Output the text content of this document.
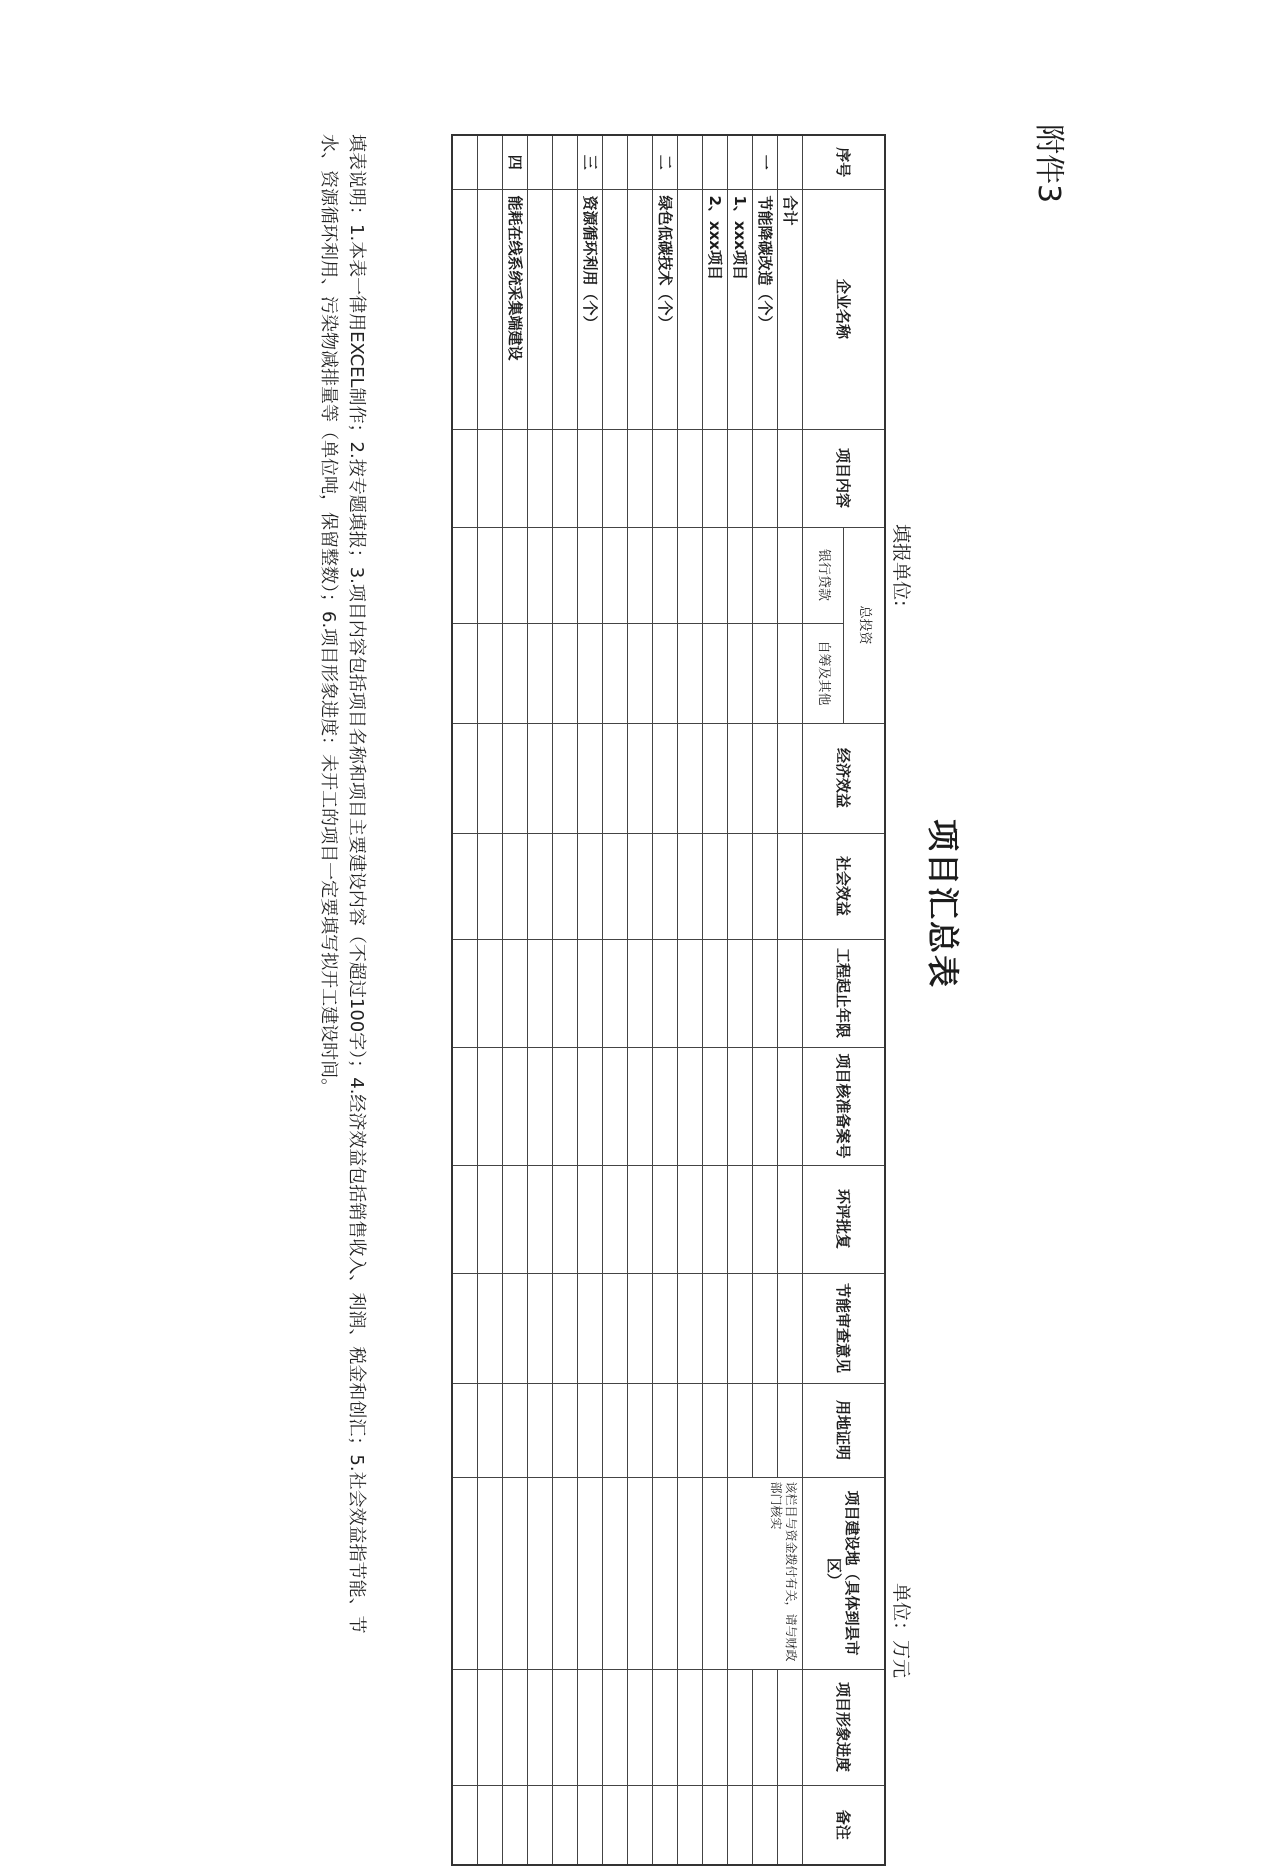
附件3
项目汇总表
填报单位:
单位：万元
序号	企业名称	项目内容	总投资		经济效益	社会效益	工程起止年限	项目核准备案号	环评批复	节能审查意见	用地证明	项目建设地（具体到县市区）	项目形象进度	备注
			银行贷款	自筹及其他										
	合计											该栏目与资金拨付有关，请与财政部门核实		
一	节能降碳改造（个）													
	1、xxx项目													
	2、xxx项目													

二	绿色低碳技术（个）													

三	资源循环利用（个）													

四	能耗在线系统采集端建设													

填表说明：1.本表一律用EXCEL制作；2.按专题填报；3.项目内容包括项目名称和项目主要建设内容（不超过100字）；4.经济效益包括销售收入、利润、税金和创汇；5.社会效益指节能、节水、资源循环利用、污染物减排量等（单位吨，保留整数）；6.项目形象进度：未开工的项目一定要填写拟开工建设时间。
